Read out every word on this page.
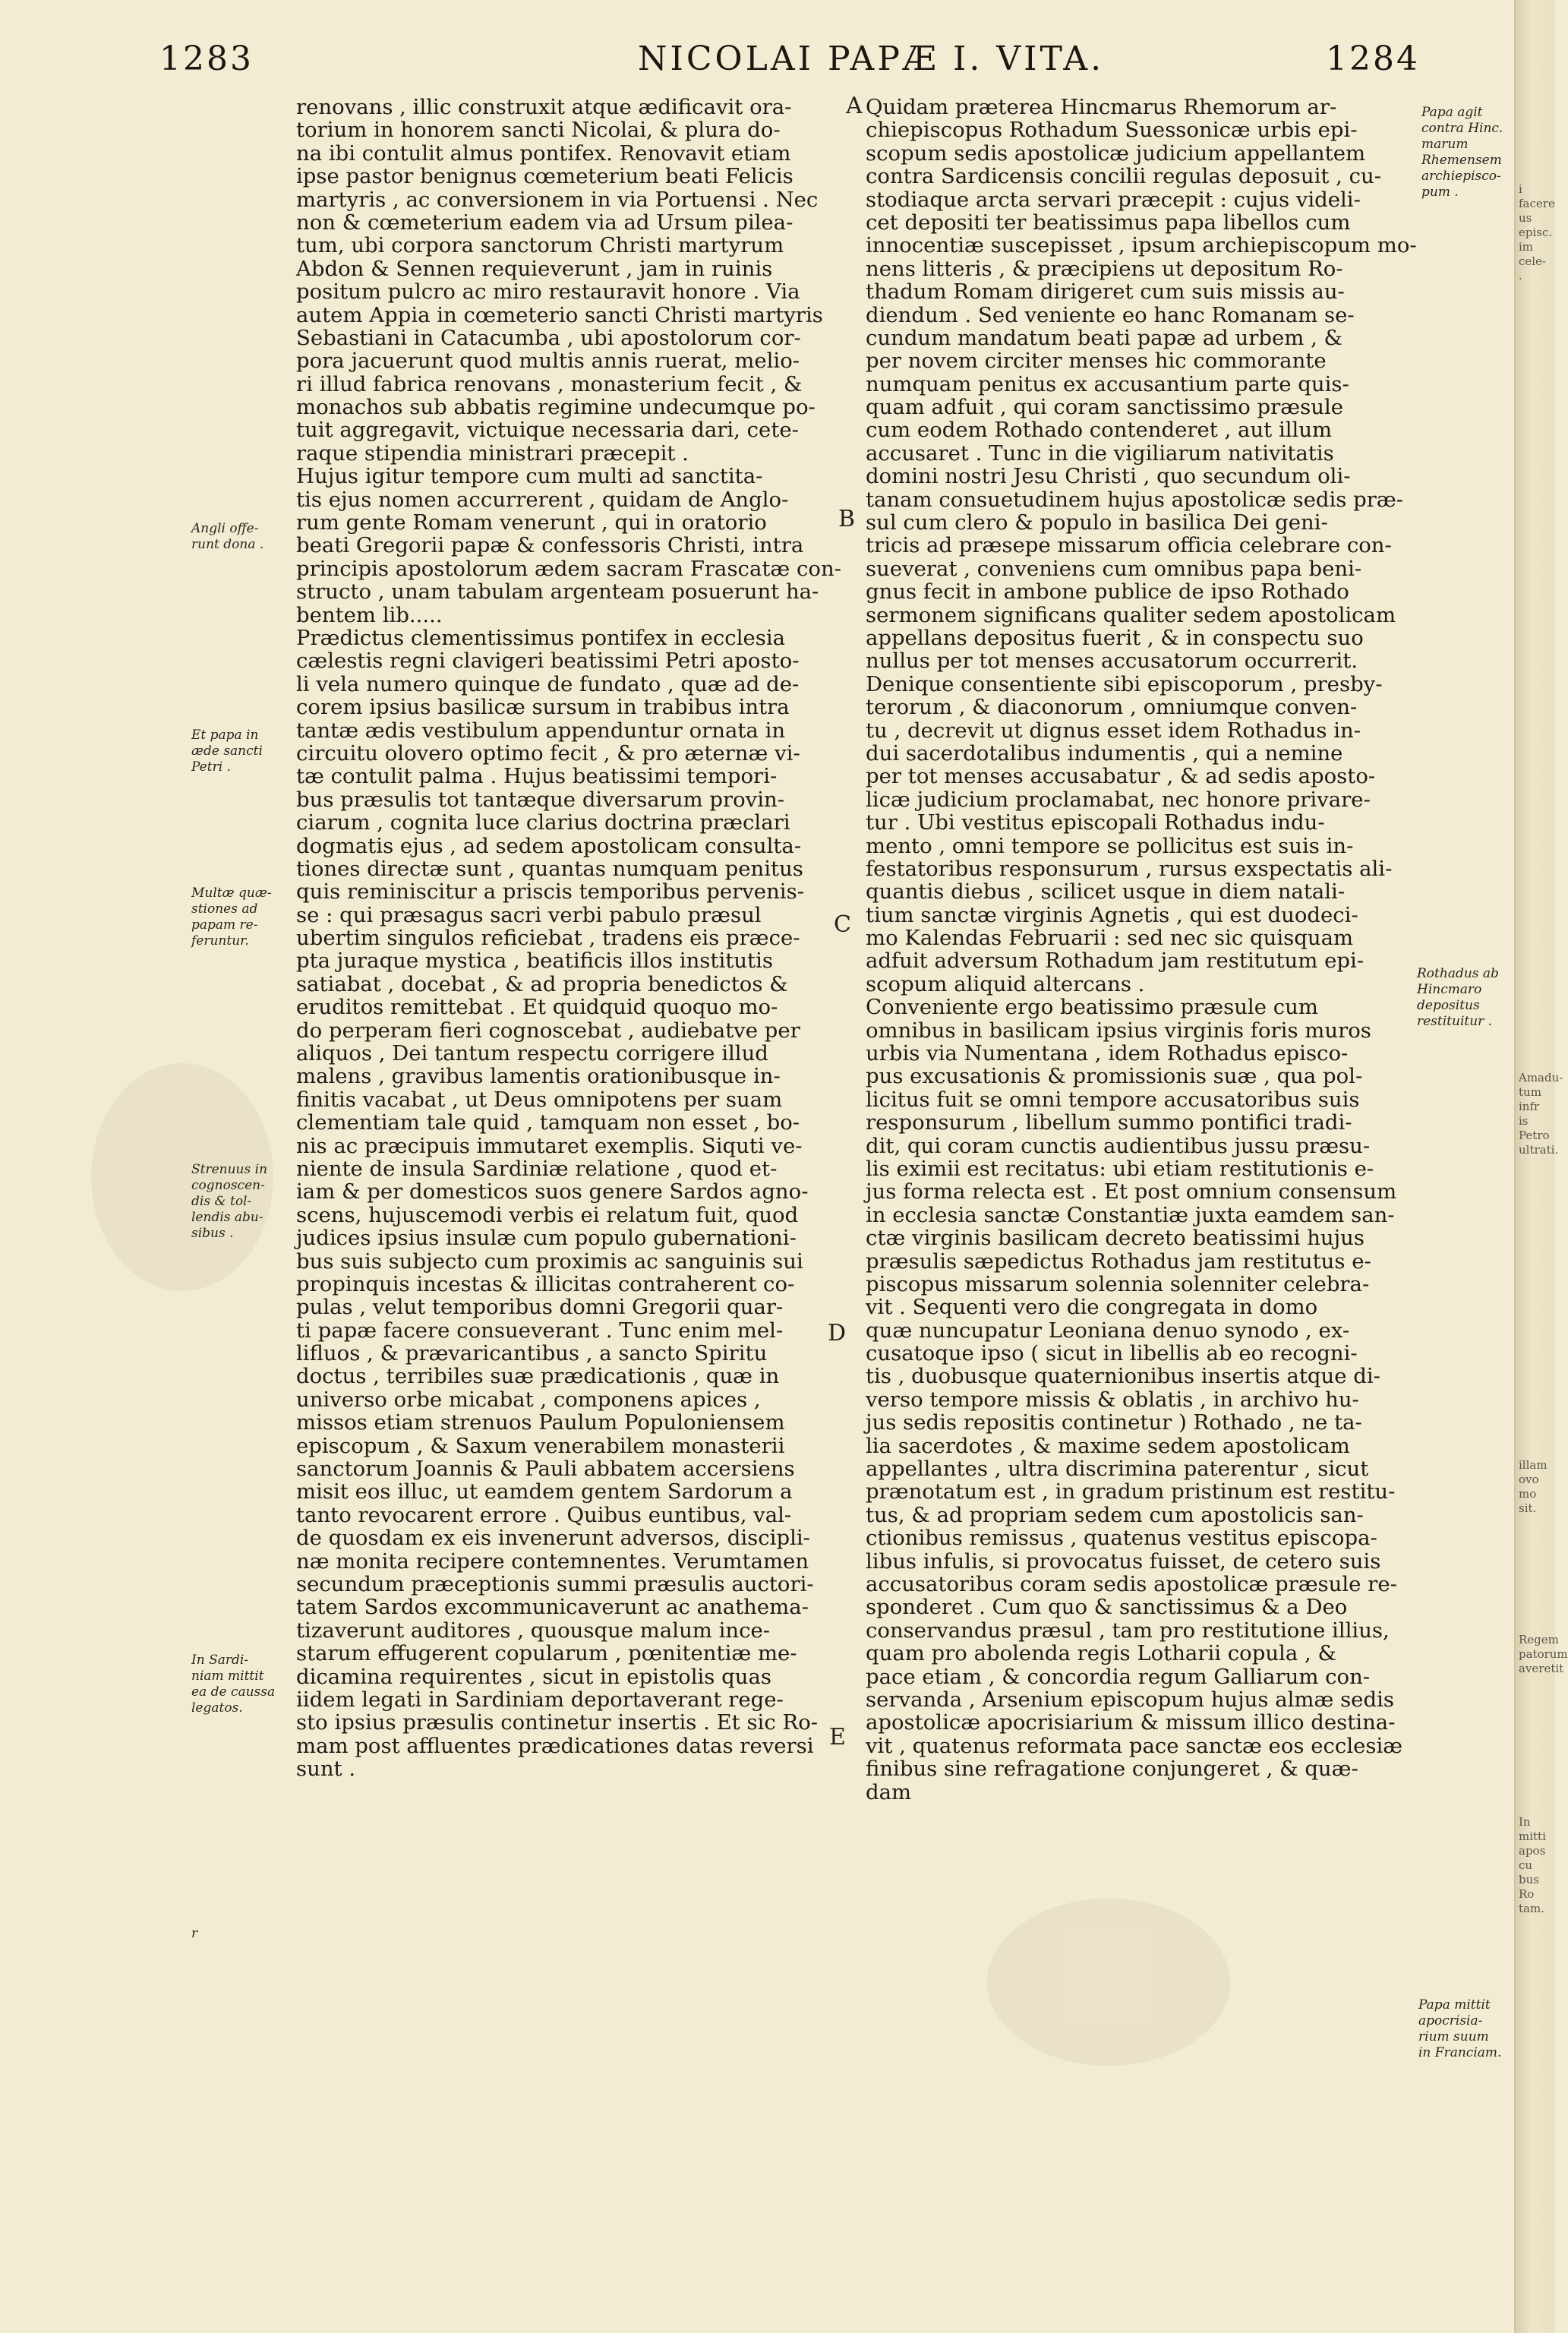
1283	NICOLAI PAPÆ I. VITA.	1284
renovans , illic construxit atque ædificavit ora-
torium in honorem sancti Nicolai, & plura do-
na ibi contulit almus pontifex. Renovavit etiam
ipse pastor benignus cœmeterium beati Felicis
martyris , ac conversionem in via Portuensi . Nec
non & cœmeterium eadem via ad Ursum pilea-
tum, ubi corpora sanctorum Christi martyrum
Abdon & Sennen requieverunt , jam in ruinis
positum pulcro ac miro restauravit honore . Via
autem Appia in cœmeterio sancti Christi martyris
Sebastiani in Catacumba , ubi apostolorum cor-
pora jacuerunt quod multis annis ruerat, melio-
ri illud fabrica renovans , monasterium fecit , &
monachos sub abbatis regimine undecumque po-
tuit aggregavit, victuique necessaria dari, cete-
raque stipendia ministrari præcepit .
Hujus igitur tempore cum multi ad sanctita-
tis ejus nomen accurrerent , quidam de Anglo-
rum gente Romam venerunt , qui in oratorio
beati Gregorii papæ & confessoris Christi, intra
principis apostolorum ædem sacram Frascatæ con-
structo , unam tabulam argenteam posuerunt ha-
bentem lib.....
Prædictus clementissimus pontifex in ecclesia
cælestis regni clavigeri beatissimi Petri aposto-
li vela numero quinque de fundato , quæ ad de-
corem ipsius basilicæ sursum in trabibus intra
tantæ ædis vestibulum appenduntur ornata in
circuitu olovero optimo fecit , & pro æternæ vi-
tæ contulit palma . Hujus beatissimi tempori-
bus præsulis tot tantæque diversarum provin-
ciarum , cognita luce clarius doctrina præclari
dogmatis ejus , ad sedem apostolicam consulta-
tiones directæ sunt , quantas numquam penitus
quis reminiscitur a priscis temporibus pervenis-
se : qui præsagus sacri verbi pabulo præsul
ubertim singulos reficiebat , tradens eis præce-
pta juraque mystica , beatificis illos institutis
satiabat , docebat , & ad propria benedictos &
eruditos remittebat . Et quidquid quoquo mo-
do perperam fieri cognoscebat , audiebatve per
aliquos , Dei tantum respectu corrigere illud
malens , gravibus lamentis orationibusque in-
finitis vacabat , ut Deus omnipotens per suam
clementiam tale quid , tamquam non esset , bo-
nis ac præcipuis immutaret exemplis. Siquti ve-
niente de insula Sardiniæ relatione , quod et-
iam & per domesticos suos genere Sardos agno-
scens, hujuscemodi verbis ei relatum fuit, quod
judices ipsius insulæ cum populo gubernationi-
bus suis subjecto cum proximis ac sanguinis sui
propinquis incestas & illicitas contraherent co-
pulas , velut temporibus domni Gregorii quar-
ti papæ facere consueverant . Tunc enim mel-
lifluos , & prævaricantibus , a sancto Spiritu
doctus , terribiles suæ prædicationis , quæ in
universo orbe micabat , componens apices ,
missos etiam strenuos Paulum Populoniensem
episcopum , & Saxum venerabilem monasterii
sanctorum Joannis & Pauli abbatem accersiens
misit eos illuc, ut eamdem gentem Sardorum a
tanto revocarent errore . Quibus euntibus, val-
de quosdam ex eis invenerunt adversos, discipli-
næ monita recipere contemnentes. Verumtamen
secundum præceptionis summi præsulis auctori-
tatem Sardos excommunicaverunt ac anathema-
tizaverunt auditores , quousque malum ince-
starum effugerent copularum , pœnitentiæ me-
dicamina requirentes , sicut in epistolis quas
iidem legati in Sardiniam deportaverant rege-
sto ipsius præsulis continetur insertis . Et sic Ro-
mam post affluentes prædicationes datas reversi
sunt .
Quidam præterea Hincmarus Rhemorum ar-
chiepiscopus Rothadum Suessonicæ urbis epi-
scopum sedis apostolicæ judicium appellantem
contra Sardicensis concilii regulas deposuit , cu-
stodiaque arcta servari præcepit : cujus videli-
cet depositi ter beatissimus papa libellos cum
innocentiæ suscepisset , ipsum archiepiscopum mo-
nens litteris , & præcipiens ut depositum Ro-
thadum Romam dirigeret cum suis missis au-
diendum . Sed veniente eo hanc Romanam se-
cundum mandatum beati papæ ad urbem , &
per novem circiter menses hic commorante
numquam penitus ex accusantium parte quis-
quam adfuit , qui coram sanctissimo præsule
cum eodem Rothado contenderet , aut illum
accusaret . Tunc in die vigiliarum nativitatis
domini nostri Jesu Christi , quo secundum oli-
tanam consuetudinem hujus apostolicæ sedis præ-
sul cum clero & populo in basilica Dei geni-
tricis ad præsepe missarum officia celebrare con-
sueverat , conveniens cum omnibus papa beni-
gnus fecit in ambone publice de ipso Rothado
sermonem significans qualiter sedem apostolicam
appellans depositus fuerit , & in conspectu suo
nullus per tot menses accusatorum occurrerit.
Denique consentiente sibi episcoporum , presby-
terorum , & diaconorum , omniumque conven-
tu , decrevit ut dignus esset idem Rothadus in-
dui sacerdotalibus indumentis , qui a nemine
per tot menses accusabatur , & ad sedis aposto-
licæ judicium proclamabat, nec honore privare-
tur . Ubi vestitus episcopali Rothadus indu-
mento , omni tempore se pollicitus est suis in-
festatoribus responsurum , rursus exspectatis ali-
quantis diebus , scilicet usque in diem natali-
tium sanctæ virginis Agnetis , qui est duodeci-
mo Kalendas Februarii : sed nec sic quisquam
adfuit adversum Rothadum jam restitutum epi-
scopum aliquid altercans .
Conveniente ergo beatissimo præsule cum
omnibus in basilicam ipsius virginis foris muros
urbis via Numentana , idem Rothadus episco-
pus excusationis & promissionis suæ , qua pol-
licitus fuit se omni tempore accusatoribus suis
responsurum , libellum summo pontifici tradi-
dit, qui coram cunctis audientibus jussu præsu-
lis eximii est recitatus: ubi etiam restitutionis e-
jus forma relecta est . Et post omnium consensum
in ecclesia sanctæ Constantiæ juxta eamdem san-
ctæ virginis basilicam decreto beatissimi hujus
præsulis sæpedictus Rothadus jam restitutus e-
piscopus missarum solennia solenniter celebra-
vit . Sequenti vero die congregata in domo
quæ nuncupatur Leoniana denuo synodo , ex-
cusatoque ipso ( sicut in libellis ab eo recogni-
tis , duobusque quaternionibus insertis atque di-
verso tempore missis & oblatis , in archivo hu-
jus sedis repositis continetur ) Rothado , ne ta-
lia sacerdotes , & maxime sedem apostolicam
appellantes , ultra discrimina paterentur , sicut
prænotatum est , in gradum pristinum est restitu-
tus, & ad propriam sedem cum apostolicis san-
ctionibus remissus , quatenus vestitus episcopa-
libus infulis, si provocatus fuisset, de cetero suis
accusatoribus coram sedis apostolicæ præsule re-
sponderet . Cum quo & sanctissimus & a Deo
conservandus præsul , tam pro restitutione illius,
quam pro abolenda regis Lotharii copula , &
pace etiam , & concordia regum Galliarum con-
servanda , Arsenium episcopum hujus almæ sedis
apostolicæ apocrisiarium & missum illico destina-
vit , quatenus reformata pace sanctæ eos ecclesiæ
finibus sine refragatione conjungeret , & quæ-
dam
Angli offe-
runt dona .
Et papa in
æde sancti
Petri .
Multæ quæ-
stiones ad
papam re-
feruntur.
Strenuus in
cognoscen-
dis & tol-
lendis abu-
sibus .
In Sardi-
niam mittit
ea de caussa
legatos.
r
Papa agit
contra Hinc.
marum
Rhemensem
archiepisco-
pum .
Rothadus ab
Hincmaro
depositus
restituitur .
Papa mittit
apocrisia-
rium suum
in Franciam.
A
B
C
D
E
i facere
us episc.
im cele-
.
Amadu-
tum infr
is Petro
ultrati.
illam
ovo mo
sit.
Regem
patorum
averetit
In mitti
apos cu
bus Ro
tam.
